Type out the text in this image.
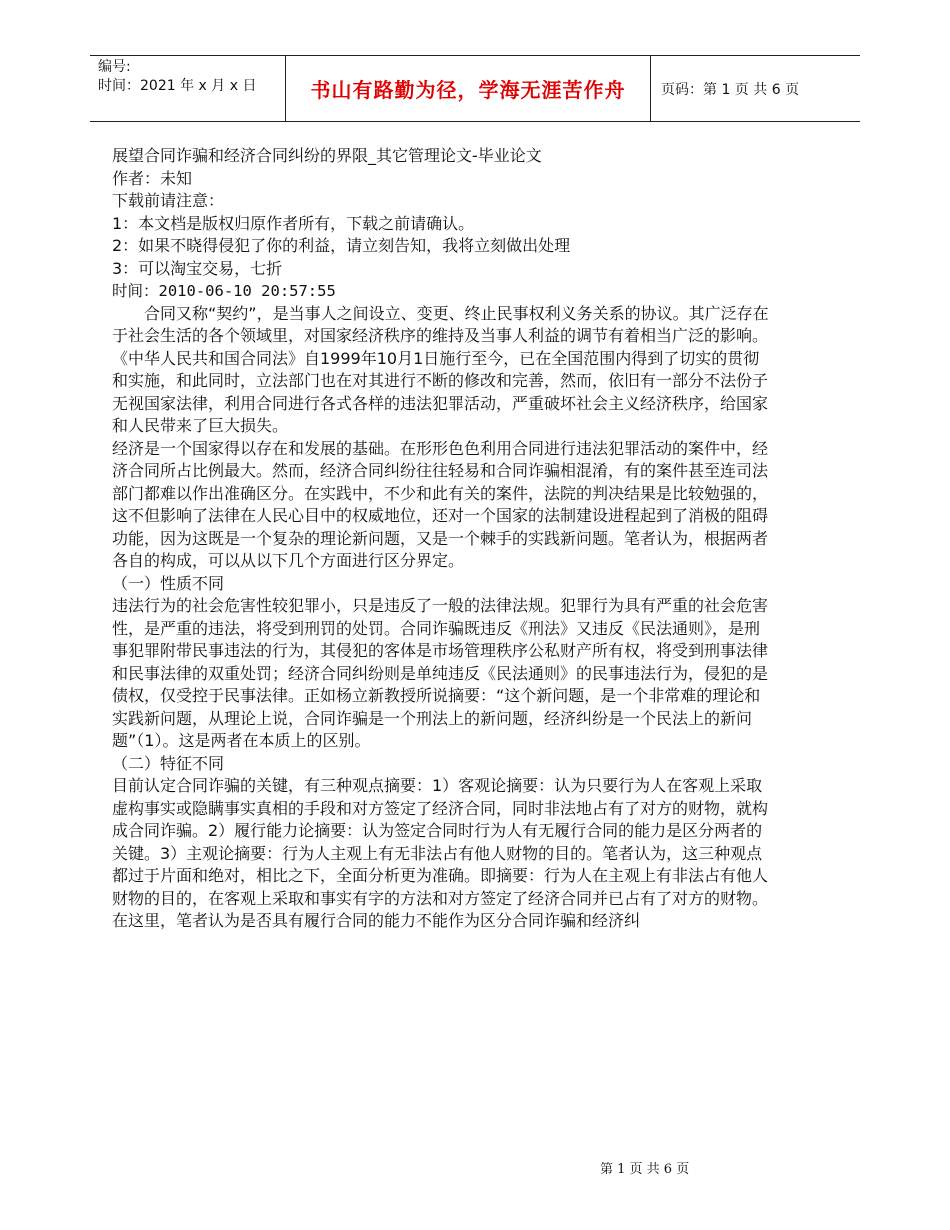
编号:
时间：2021 年 x 月 x 日	书山有路勤为径，学海无涯苦作舟	页码：第 1 页 共 6 页

展望合同诈骗和经济合同纠纷的界限_其它管理论文-毕业论文

作者：未知

下载前请注意：

1：本文档是版权归原作者所有，下载之前请确认。

2：如果不晓得侵犯了你的利益，请立刻告知，我将立刻做出处理

3：可以淘宝交易，七折

时间：2010-06-10 20:57:55

合同又称“契约”，是当事人之间设立、变更、终止民事权利义务关系的协议。其广泛存在于社会生活的各个领域里，对国家经济秩序的维持及当事人利益的调节有着相当广泛的影响。《中华人民共和国合同法》自1999年10月1日施行至今，已在全国范围内得到了切实的贯彻和实施，和此同时，立法部门也在对其进行不断的修改和完善，然而，依旧有一部分不法份子无视国家法律，利用合同进行各式各样的违法犯罪活动，严重破坏社会主义经济秩序，给国家和人民带来了巨大损失。

经济是一个国家得以存在和发展的基础。在形形色色利用合同进行违法犯罪活动的案件中，经济合同所占比例最大。然而，经济合同纠纷往往轻易和合同诈骗相混淆，有的案件甚至连司法部门都难以作出准确区分。在实践中，不少和此有关的案件，法院的判决结果是比较勉强的，这不但影响了法律在人民心目中的权威地位，还对一个国家的法制建设进程起到了消极的阻碍功能，因为这既是一个复杂的理论新问题，又是一个棘手的实践新问题。笔者认为，根据两者各自的构成，可以从以下几个方面进行区分界定。

（一）性质不同

违法行为的社会危害性较犯罪小，只是违反了一般的法律法规。犯罪行为具有严重的社会危害性，是严重的违法，将受到刑罚的处罚。合同诈骗既违反《刑法》又违反《民法通则》，是刑事犯罪附带民事违法的行为，其侵犯的客体是市场管理秩序公私财产所有权，将受到刑事法律和民事法律的双重处罚；经济合同纠纷则是单纯违反《民法通则》的民事违法行为，侵犯的是债权，仅受控于民事法律。正如杨立新教授所说摘要：“这个新问题，是一个非常难的理论和实践新问题，从理论上说，合同诈骗是一个刑法上的新问题，经济纠纷是一个民法上的新问题”（1）。这是两者在本质上的区别。

（二）特征不同

目前认定合同诈骗的关键，有三种观点摘要：1）客观论摘要：认为只要行为人在客观上采取虚构事实或隐瞒事实真相的手段和对方签定了经济合同，同时非法地占有了对方的财物，就构成合同诈骗。2）履行能力论摘要：认为签定合同时行为人有无履行合同的能力是区分两者的关键。3）主观论摘要：行为人主观上有无非法占有他人财物的目的。笔者认为，这三种观点都过于片面和绝对，相比之下，全面分析更为准确。即摘要：行为人在主观上有非法占有他人财物的目的，在客观上采取和事实有字的方法和对方签定了经济合同并已占有了对方的财物。在这里，笔者认为是否具有履行合同的能力不能作为区分合同诈骗和经济纠

第 1 页 共 6 页
